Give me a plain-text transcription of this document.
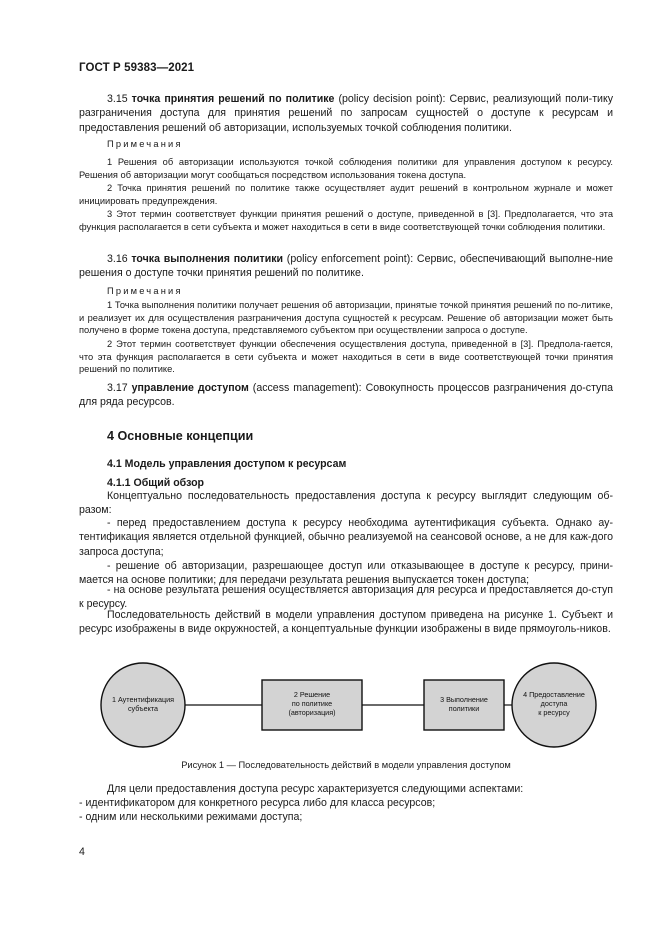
ГОСТ Р 59383—2021

3.15 точка принятия решений по политике (policy decision point): Сервис, реализующий поли-тику разграничения доступа для принятия решений по запросам сущностей о доступе к ресурсам и предоставления решений об авторизации, используемых точкой соблюдения политики.

Примечания

1 Решения об авторизации используются точкой соблюдения политики для управления доступом к ресурсу. Решения об авторизации могут сообщаться посредством использования токена доступа.

2 Точка принятия решений по политике также осуществляет аудит решений в контрольном журнале и может инициировать предупреждения.

3 Этот термин соответствует функции принятия решений о доступе, приведенной в [3]. Предполагается, что эта функция располагается в сети субъекта и может находиться в сети в виде соответствующей точки соблюдения политики.

3.16 точка выполнения политики (policy enforcement point): Сервис, обеспечивающий выполне-ние решения о доступе точки принятия решений по политике.

Примечания

1 Точка выполнения политики получает решения об авторизации, принятые точкой принятия решений по по-литике, и реализует их для осуществления разграничения доступа сущностей к ресурсам. Решение об авторизации может быть получено в форме токена доступа, представляемого субъектом при осуществлении запроса о доступе.

2 Этот термин соответствует функции обеспечения осуществления доступа, приведенной в [3]. Предпола-гается, что эта функция располагается в сети субъекта и может находиться в сети в виде соответствующей точки принятия решений по политике.

3.17 управление доступом (access management): Совокупность процессов разграничения до-ступа для ряда ресурсов.

4 Основные концепции
4.1 Модель управления доступом к ресурсам
4.1.1 Общий обзор

Концептуально последовательность предоставления доступа к ресурсу выглядит следующим об-разом:

- перед предоставлением доступа к ресурсу необходима аутентификация субъекта. Однако ау-тентификация является отдельной функцией, обычно реализуемой на сеансовой основе, а не для каж-дого запроса доступа;

- решение об авторизации, разрешающее доступ или отказывающее в доступе к ресурсу, прини-мается на основе политики; для передачи результата решения выпускается токен доступа;

- на основе результата решения осуществляется авторизация для ресурса и предоставляется до-ступ к ресурсу.

Последовательность действий в модели управления доступом приведена на рисунке 1. Субъект и ресурс изображены в виде окружностей, а концептуальные функции изображены в виде прямоуголь-ников.

1 Аутентификация
субъекта
2 Решение
по политике
(авторизация)
3 Выполнение
политики
4 Предоставление
доступа
к ресурсу
Рисунок 1 — Последовательность действий в модели управления доступом

Для цели предоставления доступа ресурс характеризуется следующими аспектами:

- идентификатором для конкретного ресурса либо для класса ресурсов;

- одним или несколькими режимами доступа;

4
